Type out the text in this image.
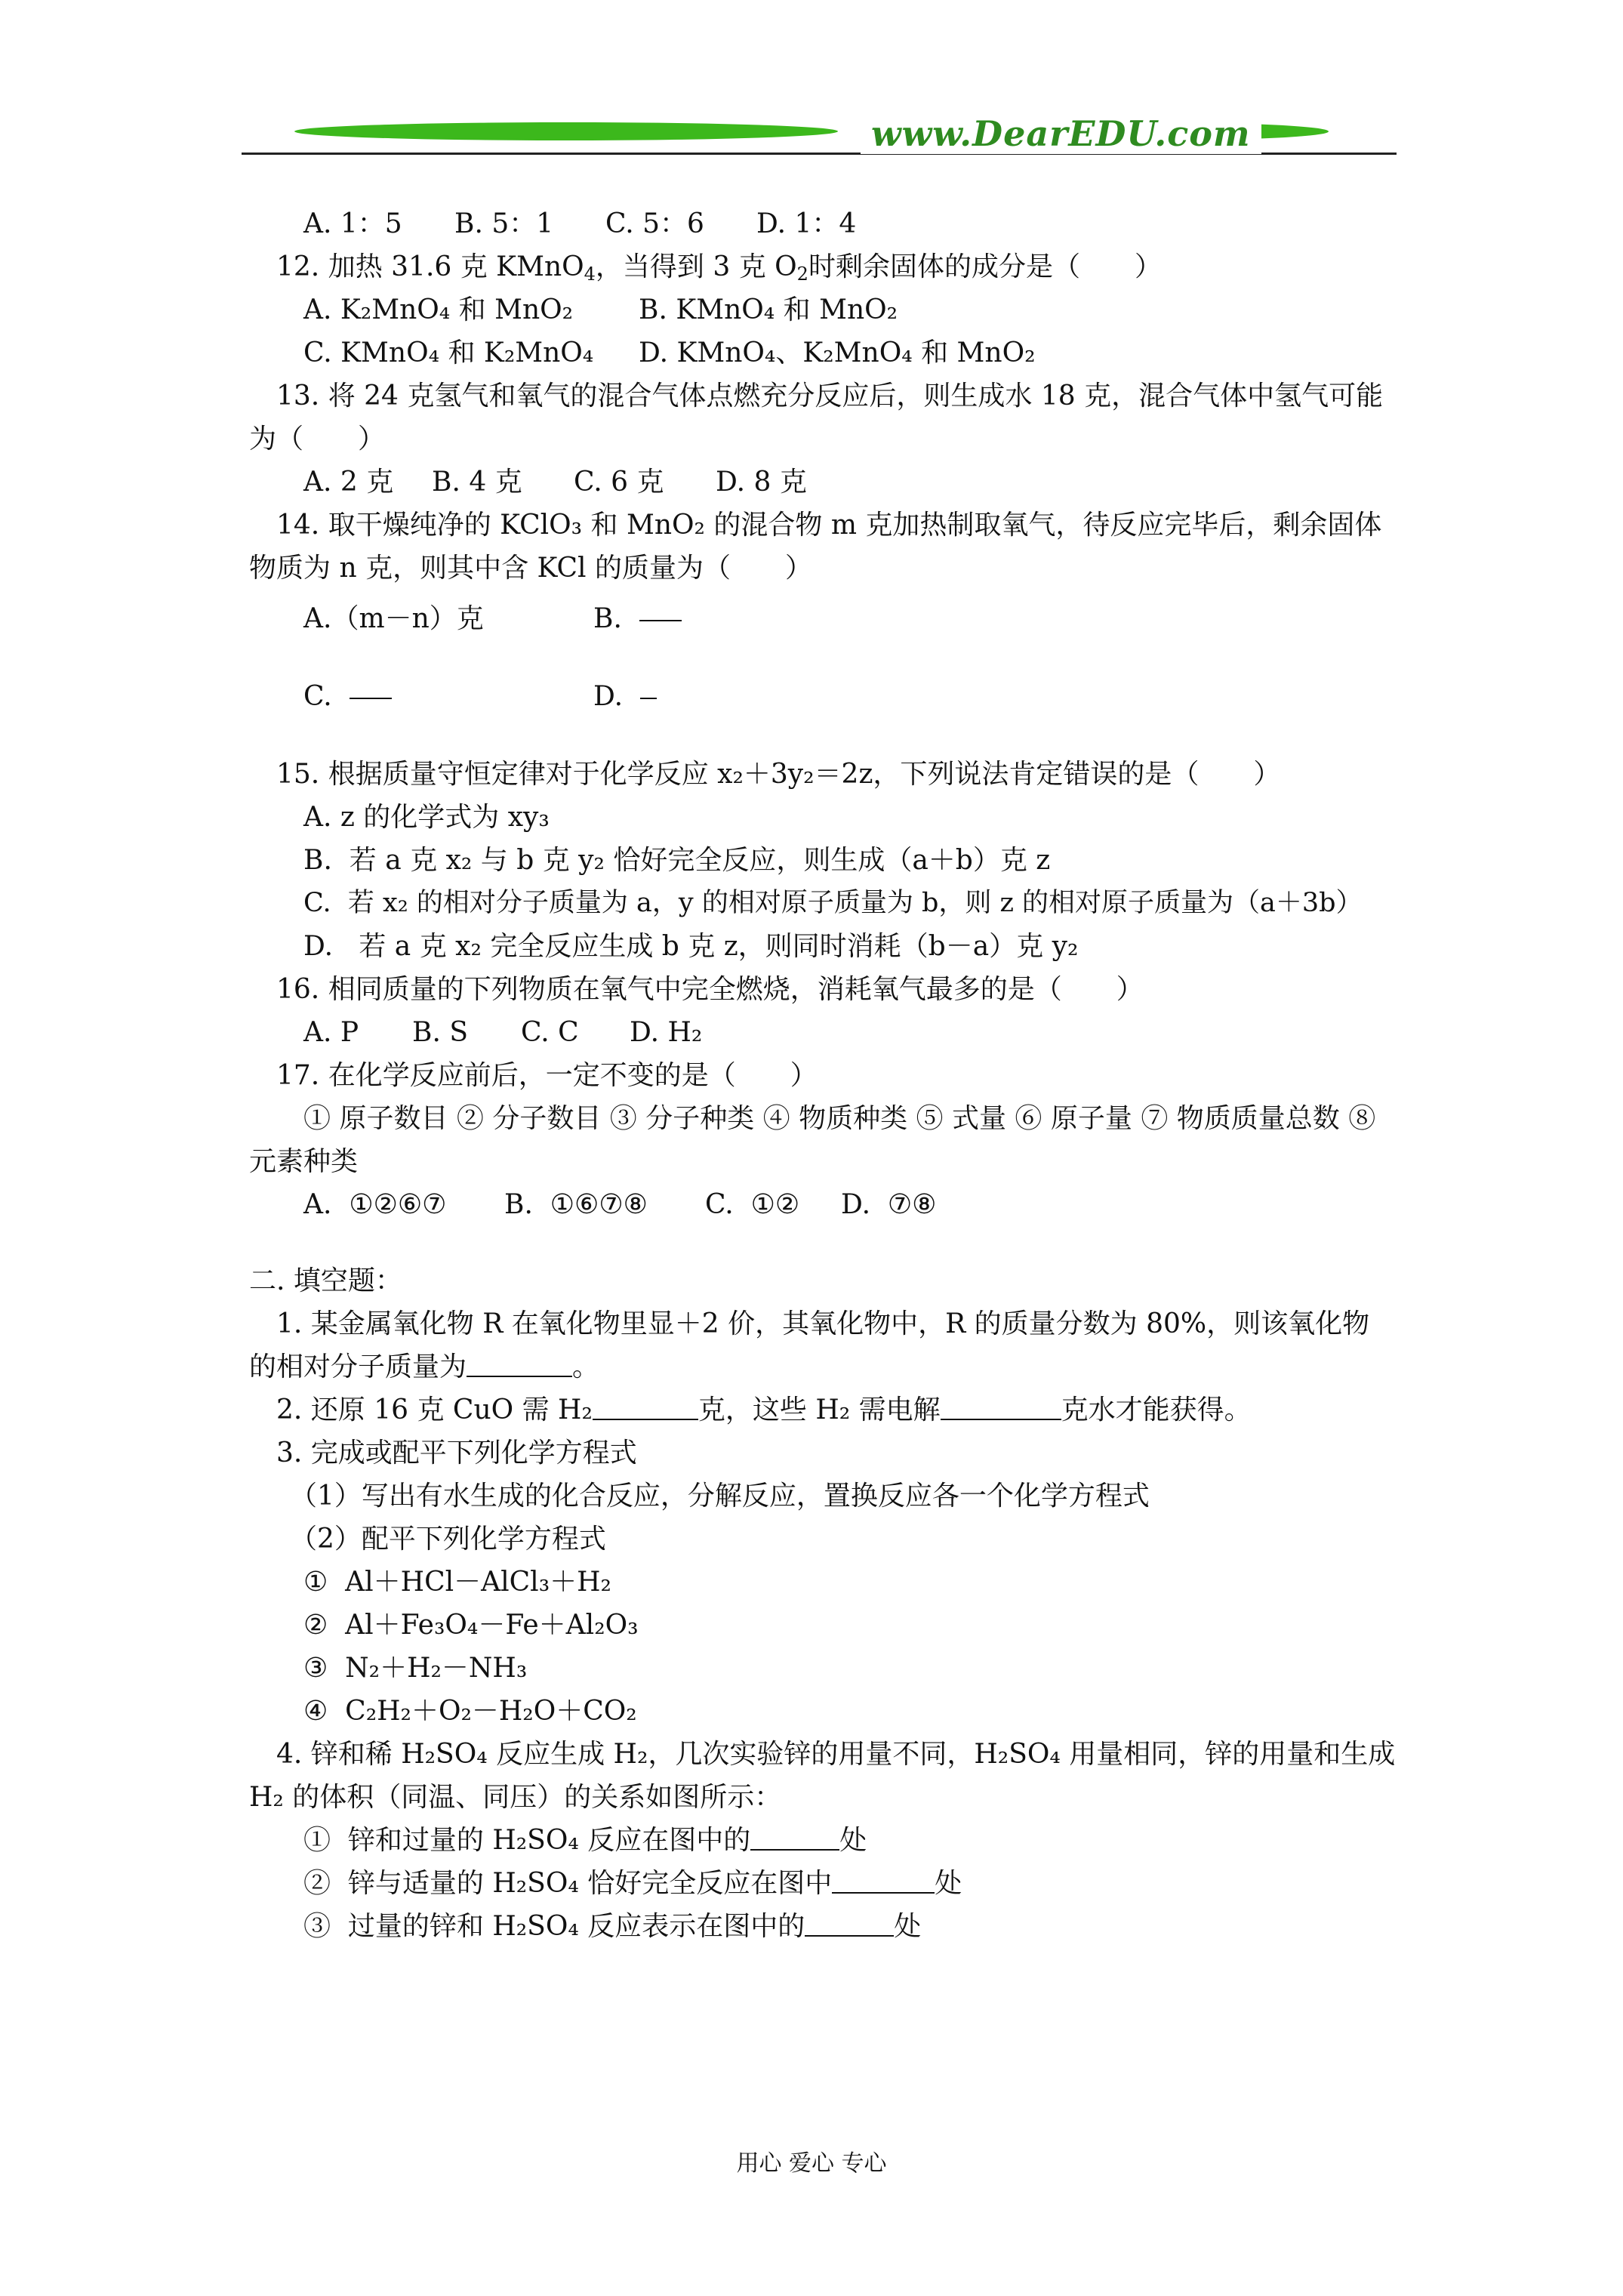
www.DearEDU.com
A. 1：5	B. 5：1	C. 5：6	D. 1：4
12. 加热 31.6 克 KMnO$_4$，当得到 3 克 $O_2$时剩余固体的成分是（　　）
A. K₂MnO₄ 和 MnO₂	B. KMnO₄ 和 MnO₂
C. KMnO₄ 和 K₂MnO₄	D. KMnO₄、K₂MnO₄ 和 MnO₂
13. 将 24 克氢气和氧气的混合气体点燃充分反应后，则生成水 18 克，混合气体中氢气可能为（　　）
A. 2 克	B. 4 克	C. 6 克	D. 8 克
14. 取干燥纯净的 KClO₃ 和 MnO₂ 的混合物 m 克加热制取氧气，待反应完毕后，剩余固体物质为 n 克，则其中含 KCl 的质量为（　　）
A.（m－n）克	B.
C.	D.
15. 根据质量守恒定律对于化学反应 x₂＋3y₂＝2z，下列说法肯定错误的是（　　）
A. z 的化学式为 xy₃
B.  若 a 克 x₂ 与 b 克 y₂ 恰好完全反应，则生成（a＋b）克 z
C.  若 x₂ 的相对分子质量为 a，y 的相对原子质量为 b，则 z 的相对原子质量为（a＋3b）
D.   若 a 克 x₂ 完全反应生成 b 克 z，则同时消耗（b－a）克 y₂
16. 相同质量的下列物质在氧气中完全燃烧，消耗氧气最多的是（　　）
A. P	B. S	C. C	D. H₂
17. 在化学反应前后，一定不变的是（　　）
① 原子数目 ② 分子数目 ③ 分子种类 ④ 物质种类 ⑤ 式量 ⑥ 原子量 ⑦ 物质质量总数 ⑧ 元素种类
A.  ①②⑥⑦	B.  ①⑥⑦⑧	C.  ①②	D.  ⑦⑧
二. 填空题：
1. 某金属氧化物 R 在氧化物里显＋2 价，其氧化物中，R 的质量分数为 80%，则该氧化物的相对分子质量为	。
2. 还原 16 克 CuO 需 H₂	克，这些 H₂ 需电解	克水才能获得。
3. 完成或配平下列化学方程式
（1）写出有水生成的化合反应，分解反应，置换反应各一个化学方程式
（2）配平下列化学方程式
①  Al＋HCl－AlCl₃＋H₂
②  Al＋Fe₃O₄－Fe＋Al₂O₃
③  N₂＋H₂－NH₃
④  C₂H₂＋O₂－H₂O＋CO₂
4. 锌和稀 H₂SO₄ 反应生成 H₂，几次实验锌的用量不同，H₂SO₄ 用量相同，锌的用量和生成 H₂ 的体积（同温、同压）的关系如图所示：
①  锌和过量的 H₂SO₄ 反应在图中的	处
②  锌与适量的 H₂SO₄ 恰好完全反应在图中	处
③  过量的锌和 H₂SO₄ 反应表示在图中的	处
用心 爱心 专心
